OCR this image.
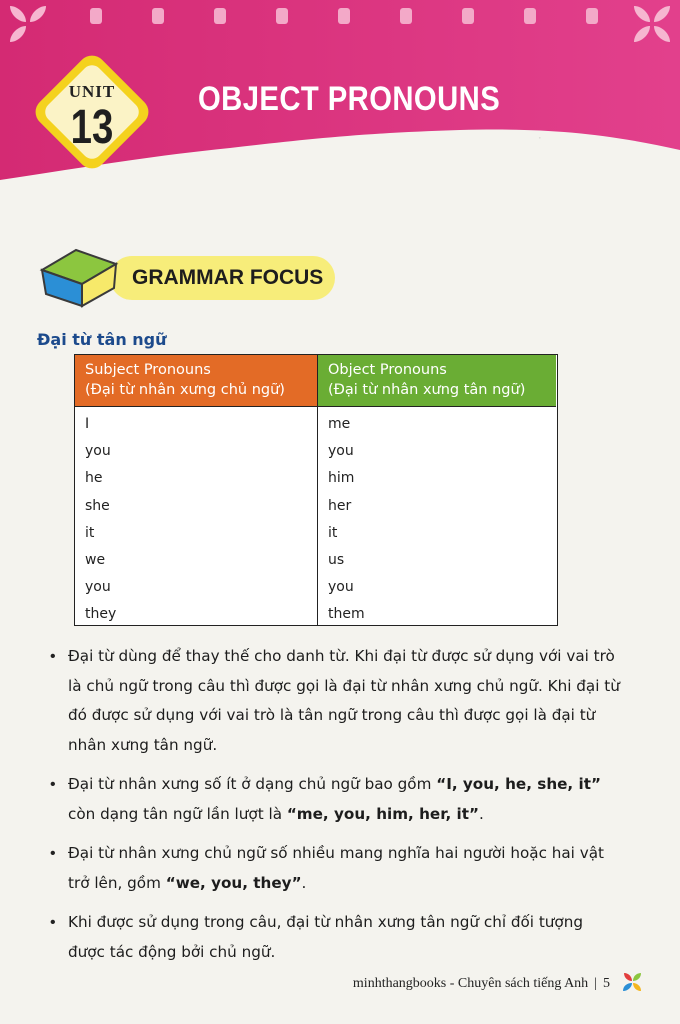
.
UNIT
13
OBJECT PRONOUNS
GRAMMAR FOCUS
Đại từ tân ngữ
Subject Pronouns
(Đại từ nhân xưng chủ ngữ)
I
you
he
she
it
we
you
they
Object Pronouns
(Đại từ nhân xưng tân ngữ)
me
you
him
her
it
us
you
them
• Đại từ dùng để thay thế cho danh từ. Khi đại từ được sử dụng với vai trò là chủ ngữ trong câu thì được gọi là đại từ nhân xưng chủ ngữ. Khi đại từ đó được sử dụng với vai trò là tân ngữ trong câu thì được gọi là đại từ nhân xưng tân ngữ.
• Đại từ nhân xưng số ít ở dạng chủ ngữ bao gồm “I, you, he, she, it” còn dạng tân ngữ lần lượt là “me, you, him, her, it”.
• Đại từ nhân xưng chủ ngữ số nhiều mang nghĩa hai người hoặc hai vật trở lên, gồm “we, you, they”.
• Khi được sử dụng trong câu, đại từ nhân xưng tân ngữ chỉ đối tượng được tác động bởi chủ ngữ.
minhthangbooks - Chuyên sách tiếng Anh | 5
